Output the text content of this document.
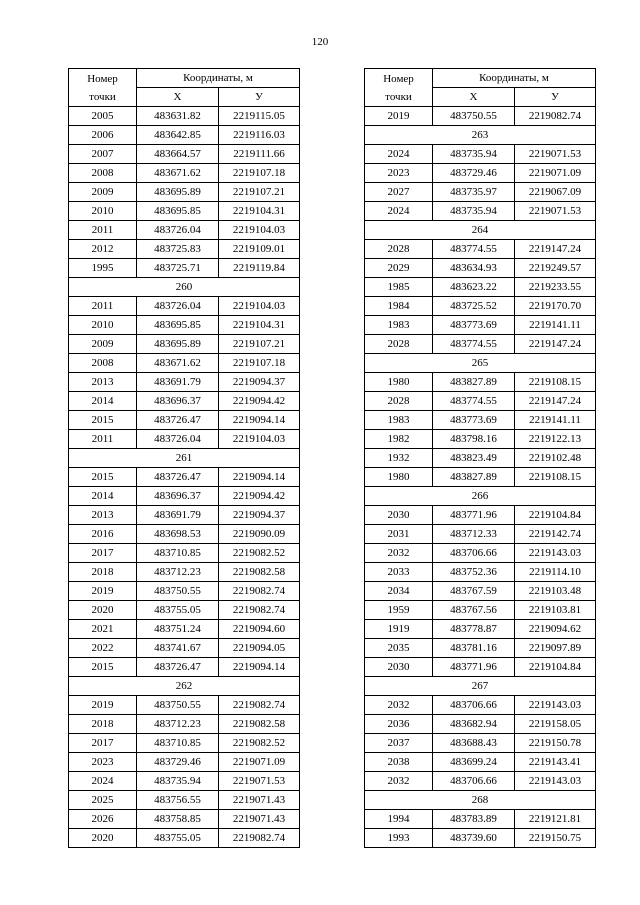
120
Номер
точки	Координаты, м	
	Х	У
2005	483631.82	2219115.05
2006	483642.85	2219116.03
2007	483664.57	2219111.66
2008	483671.62	2219107.18
2009	483695.89	2219107.21
2010	483695.85	2219104.31
2011	483726.04	2219104.03
2012	483725.83	2219109.01
1995	483725.71	2219119.84
260		
2011	483726.04	2219104.03
2010	483695.85	2219104.31
2009	483695.89	2219107.21
2008	483671.62	2219107.18
2013	483691.79	2219094.37
2014	483696.37	2219094.42
2015	483726.47	2219094.14
2011	483726.04	2219104.03
261		
2015	483726.47	2219094.14
2014	483696.37	2219094.42
2013	483691.79	2219094.37
2016	483698.53	2219090.09
2017	483710.85	2219082.52
2018	483712.23	2219082.58
2019	483750.55	2219082.74
2020	483755.05	2219082.74
2021	483751.24	2219094.60
2022	483741.67	2219094.05
2015	483726.47	2219094.14
262		
2019	483750.55	2219082.74
2018	483712.23	2219082.58
2017	483710.85	2219082.52
2023	483729.46	2219071.09
2024	483735.94	2219071.53
2025	483756.55	2219071.43
2026	483758.85	2219071.43
2020	483755.05	2219082.74
Номер
точки	Координаты, м	
	Х	У
2019	483750.55	2219082.74
263		
2024	483735.94	2219071.53
2023	483729.46	2219071.09
2027	483735.97	2219067.09
2024	483735.94	2219071.53
264		
2028	483774.55	2219147.24
2029	483634.93	2219249.57
1985	483623.22	2219233.55
1984	483725.52	2219170.70
1983	483773.69	2219141.11
2028	483774.55	2219147.24
265		
1980	483827.89	2219108.15
2028	483774.55	2219147.24
1983	483773.69	2219141.11
1982	483798.16	2219122.13
1932	483823.49	2219102.48
1980	483827.89	2219108.15
266		
2030	483771.96	2219104.84
2031	483712.33	2219142.74
2032	483706.66	2219143.03
2033	483752.36	2219114.10
2034	483767.59	2219103.48
1959	483767.56	2219103.81
1919	483778.87	2219094.62
2035	483781.16	2219097.89
2030	483771.96	2219104.84
267		
2032	483706.66	2219143.03
2036	483682.94	2219158.05
2037	483688.43	2219150.78
2038	483699.24	2219143.41
2032	483706.66	2219143.03
268		
1994	483783.89	2219121.81
1993	483739.60	2219150.75
